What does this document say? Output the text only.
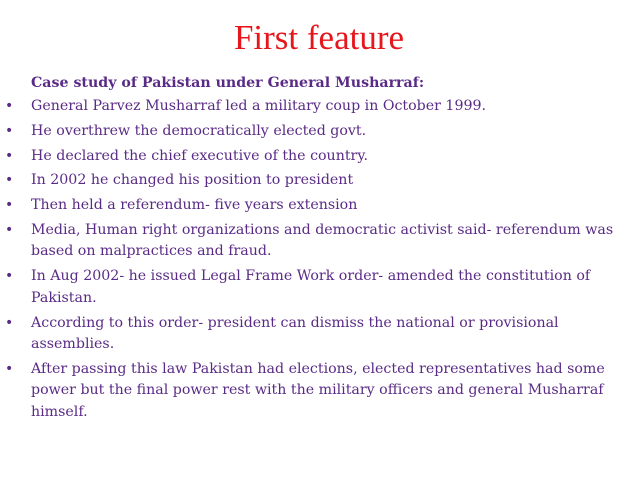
First feature
Case study of Pakistan under General Musharraf:
• General Parvez Musharraf led a military coup in October 1999.
• He overthrew the democratically elected govt.
• He declared the chief executive of the country.
• In 2002 he changed his position to president
• Then held a referendum- five years extension
• Media, Human right organizations and democratic activist said- referendum was based on malpractices and fraud.
• In Aug 2002- he issued Legal Frame Work order- amended the constitution of Pakistan.
• According to this order- president can dismiss the national or provisional assemblies.
• After passing this law Pakistan had elections, elected representatives had some power but the final power rest with the military officers and general Musharraf himself.
